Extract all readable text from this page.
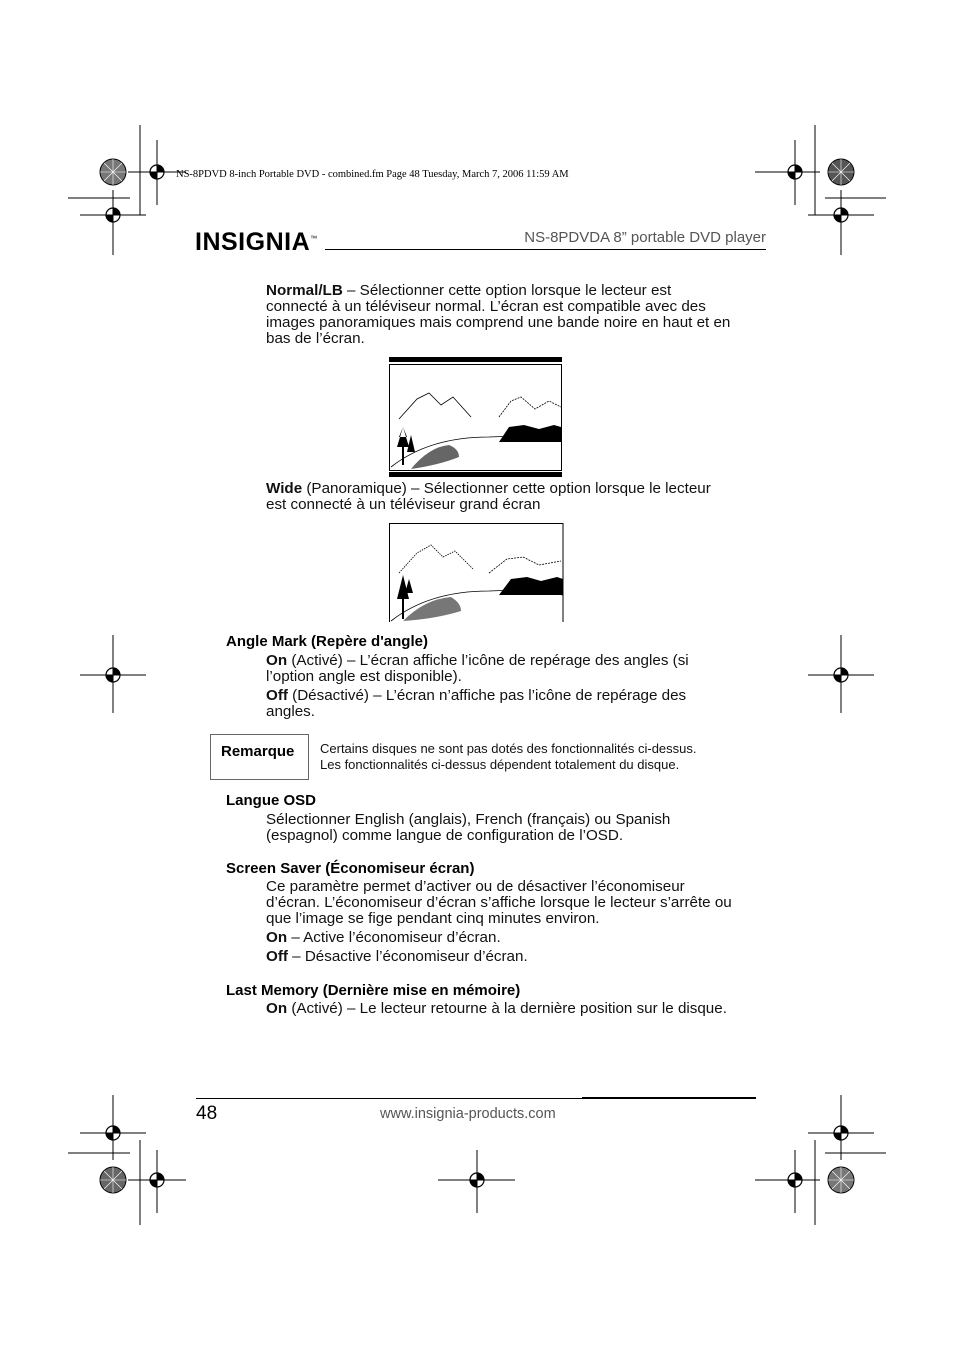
NS-8PDVD 8-inch Portable DVD - combined.fm Page 48 Tuesday, March 7, 2006 11:59 AM
INSIGNIA™	NS-8PDVDA 8” portable DVD player
Normal/LB – Sélectionner cette option lorsque le lecteur est
connecté à un téléviseur normal. L’écran est compatible avec des
images panoramiques mais comprend une bande noire en haut et en
bas de l’écran.
Wide (Panoramique) – Sélectionner cette option lorsque le lecteur
est connecté à un téléviseur grand écran
Angle Mark (Repère d'angle)
On (Activé) – L’écran affiche l’icône de repérage des angles (si
l’option angle est disponible).
Off (Désactivé) – L’écran n’affiche pas l’icône de repérage des
angles.
Remarque Certains disques ne sont pas dotés des fonctionnalités ci-dessus.
Les fonctionnalités ci-dessus dépendent totalement du disque.
Langue OSD
Sélectionner English (anglais), French (français) ou Spanish
(espagnol) comme langue de configuration de l’OSD.
Screen Saver (Économiseur écran)
Ce paramètre permet d’activer ou de désactiver l’économiseur
d’écran. L’économiseur d’écran s’affiche lorsque le lecteur s’arrête ou
que l’image se fige pendant cinq minutes environ.
On – Active l’économiseur d’écran.
Off – Désactive l’économiseur d’écran.
Last Memory (Dernière mise en mémoire)
On (Activé) – Le lecteur retourne à la dernière position sur le disque.
48	www.insignia-products.com
